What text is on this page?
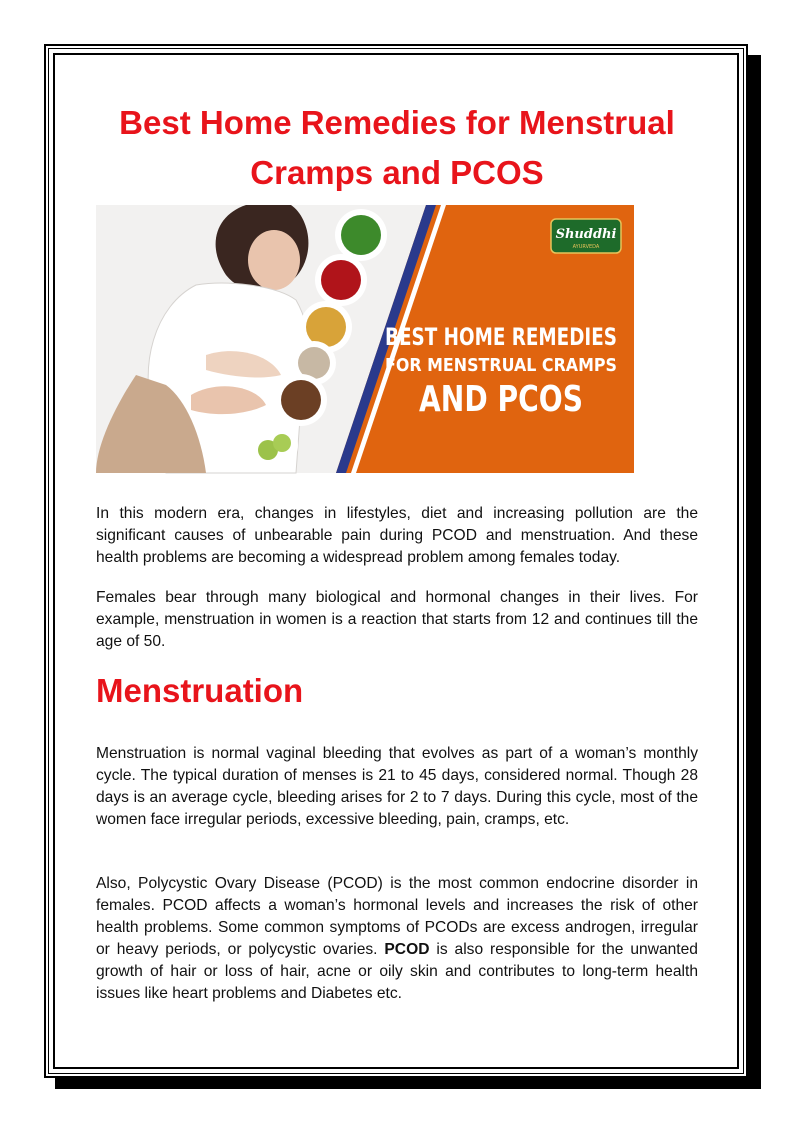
Best Home Remedies for Menstrual Cramps and PCOS
Shuddhi
AYURVEDA
BEST HOME REMEDIES
FOR MENSTRUAL CRAMPS
AND PCOS

In this modern era, changes in lifestyles, diet and increasing pollution are the significant causes of unbearable pain during PCOD and menstruation. And these health problems are becoming a widespread problem among females today.

Females bear through many biological and hormonal changes in their lives. For example, menstruation in women is a reaction that starts from 12 and continues till the age of 50.

Menstruation

Menstruation is normal vaginal bleeding that evolves as part of a woman’s monthly cycle. The typical duration of menses is 21 to 45 days, considered normal. Though 28 days is an average cycle, bleeding arises for 2 to 7 days. During this cycle, most of the women face irregular periods, excessive bleeding, pain, cramps, etc.

Also, Polycystic Ovary Disease (PCOD) is the most common endocrine disorder in females. PCOD affects a woman’s hormonal levels and increases the risk of other health problems. Some common symptoms of PCODs are excess androgen, irregular or heavy periods, or polycystic ovaries. PCOD is also responsible for the unwanted growth of hair or loss of hair, acne or oily skin and contributes to long-term health issues like heart problems and Diabetes etc.
